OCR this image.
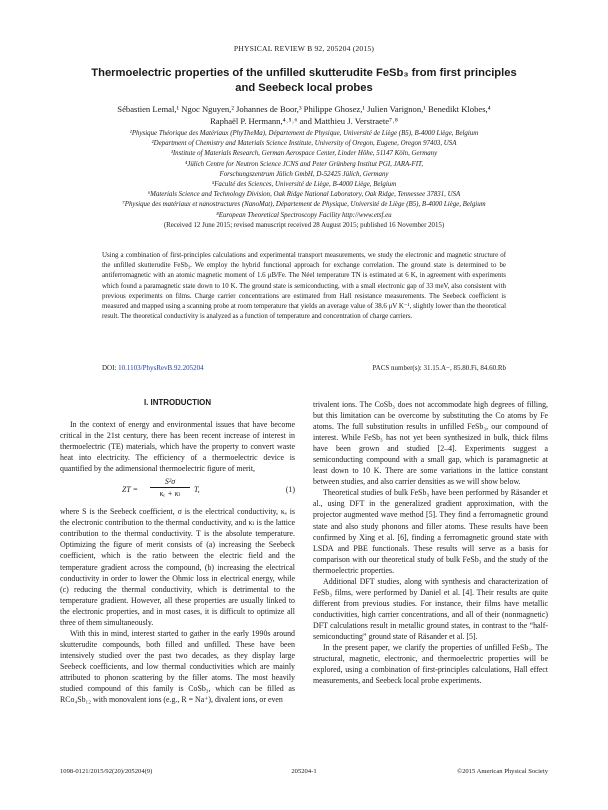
PHYSICAL REVIEW B 92, 205204 (2015)
Thermoelectric properties of the unfilled skutterudite FeSb₃ from first principles
and Seebeck local probes
Sébastien Lemal,¹ Ngoc Nguyen,² Johannes de Boor,³ Philippe Ghosez,¹ Julien Varignon,¹ Benedikt Klobes,⁴
Raphaël P. Hermann,⁴˒⁵˒⁶ and Matthieu J. Verstraete⁷˒⁸
¹Physique Théorique des Matériaux (PhyTheMa), Département de Physique, Université de Liège (B5), B-4000 Liège, Belgium
²Department of Chemistry and Materials Science Institute, University of Oregon, Eugene, Oregon 97403, USA
³Institute of Materials Research, German Aerospace Center, Linder Höhe, 51147 Köln, Germany
⁴Jülich Centre for Neutron Science JCNS and Peter Grünberg Institut PGI, JARA-FIT,
Forschungszentrum Jülich GmbH, D-52425 Jülich, Germany
⁵Faculté des Sciences, Université de Liège, B-4000 Liège, Belgium
⁶Materials Science and Technology Division, Oak Ridge National Laboratory, Oak Ridge, Tennessee 37831, USA
⁷Physique des matériaux et nanostructures (NanoMat), Département de Physique, Université de Liège (B5), B-4000 Liège, Belgium
⁸European Theoretical Spectroscopy Facility http://www.etsf.eu
(Received 12 June 2015; revised manuscript received 28 August 2015; published 16 November 2015)
Using a combination of first-principles calculations and experimental transport measurements, we study the electronic and magnetic structure of the unfilled skutterudite FeSb₃. We employ the hybrid functional approach for exchange correlation. The ground state is determined to be antiferromagnetic with an atomic magnetic moment of 1.6 μB/Fe. The Néel temperature TN is estimated at 6 K, in agreement with experiments which found a paramagnetic state down to 10 K. The ground state is semiconducting, with a small electronic gap of 33 meV, also consistent with previous experiments on films. Charge carrier concentrations are estimated from Hall resistance measurements. The Seebeck coefficient is measured and mapped using a scanning probe at room temperature that yields an average value of 38.6 μV K⁻¹, slightly lower than the theoretical result. The theoretical conductivity is analyzed as a function of temperature and concentration of charge carriers.
DOI: 10.1103/PhysRevB.92.205204	PACS number(s): 31.15.A−, 85.80.Fi, 84.60.Rb
I. INTRODUCTION

In the context of energy and environmental issues that have become critical in the 21st century, there has been recent increase of interest in thermoelectric (TE) materials, which have the property to convert waste heat into electricity. The efficiency of a thermoelectric device is quantified by the adimensional thermoelectric figure of merit,

ZT = $\frac{\text{S²σ}}{\text{κₑ + κₗ}} T$,	(1)

where S is the Seebeck coefficient, σ is the electrical conductivity, κₑ is the electronic contribution to the thermal conductivity, and κₗ is the lattice contribution to the thermal conductivity. T is the absolute temperature. Optimizing the figure of merit consists of (a) increasing the Seebeck coefficient, which is the ratio between the electric field and the temperature gradient across the compound, (b) increasing the electrical conductivity in order to lower the Ohmic loss in electrical energy, while (c) reducing the thermal conductivity, which is detrimental to the temperature gradient. However, all these properties are usually linked to the electronic properties, and in most cases, it is difficult to optimize all three of them simultaneously.

With this in mind, interest started to gather in the early 1990s around skutterudite compounds, both filled and unfilled. These have been intensively studied over the past two decades, as they display large Seebeck coefficients, and low thermal conductivities which are mainly attributed to phonon scattering by the filler atoms. The most heavily studied compound of this family is CoSb₃, which can be filled as RCo₄Sb₁₂ with monovalent ions (e.g., R = Na⁺), divalent ions, or even

trivalent ions. The CoSb₃ does not accommodate high degrees of filling, but this limitation can be overcome by substituting the Co atoms by Fe atoms. The full substitution results in unfilled FeSb₃, our compound of interest. While FeSb₃ has not yet been synthesized in bulk, thick films have been grown and studied [2–4]. Experiments suggest a semiconducting compound with a small gap, which is paramagnetic at least down to 10 K. There are some variations in the lattice constant between studies, and also carrier densities as we will show below.

Theoretical studies of bulk FeSb₃ have been performed by Räsander et al., using DFT in the generalized gradient approximation, with the projector augmented wave method [5]. They find a ferromagnetic ground state and also study phonons and filler atoms. These results have been confirmed by Xing et al. [6], finding a ferromagnetic ground state with LSDA and PBE functionals. These results will serve as a basis for comparison with our theoretical study of bulk FeSb₃ and the study of the thermoelectric properties.

Additional DFT studies, along with synthesis and characterization of FeSb₃ films, were performed by Daniel et al. [4]. Their results are quite different from previous studies. For instance, their films have metallic conductivities, high carrier concentrations, and all of their (nonmagnetic) DFT calculations result in metallic ground states, in contrast to the “half-semiconducting” ground state of Räsander et al. [5].

In the present paper, we clarify the properties of unfilled FeSb₃. The structural, magnetic, electronic, and thermoelectric properties will be explored, using a combination of first-principles calculations, Hall effect measurements, and Seebeck local probe experiments.

1098-0121/2015/92(20)/205204(9)	205204-1	©2015 American Physical Society
